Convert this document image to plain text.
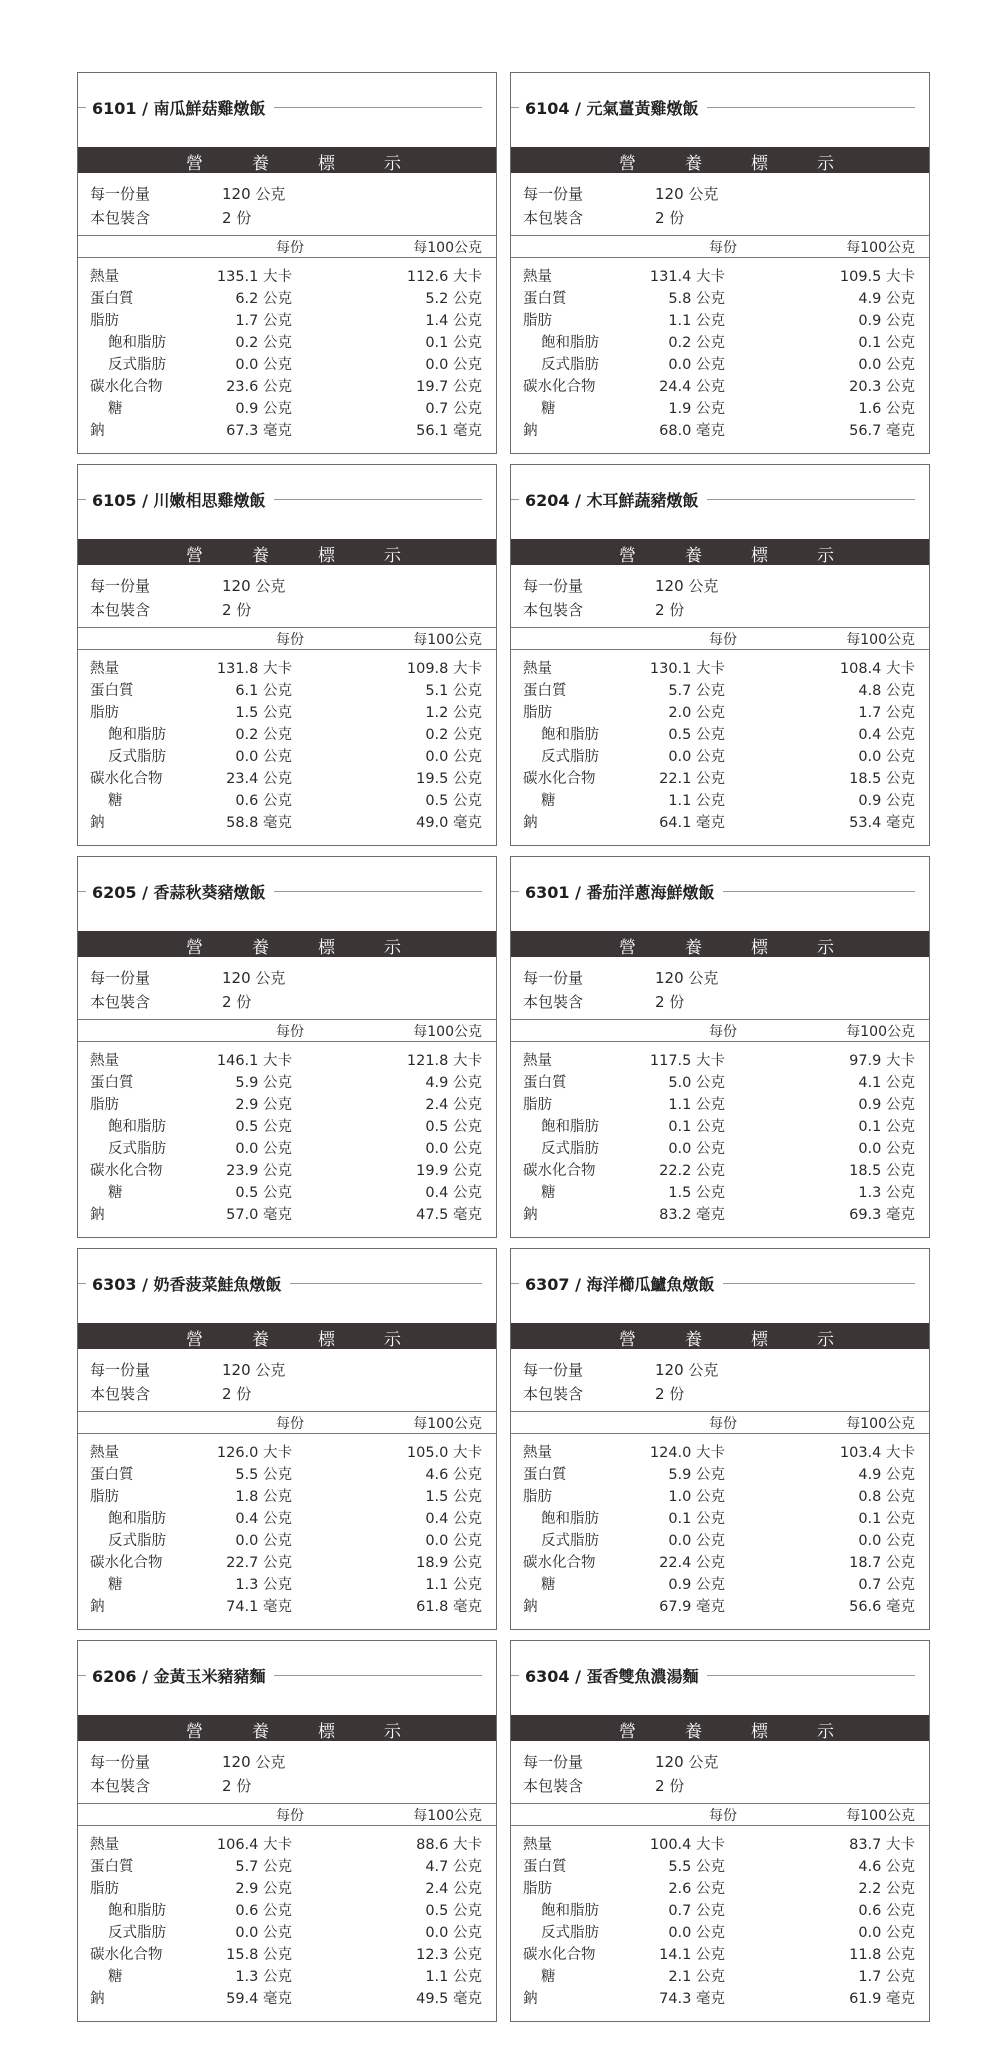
6101 / 南瓜鮮菇雞燉飯
營	養	標	示
每一份量	120 公克
本包裝含	2 份
每份	每100公克
熱量	135.1 大卡	112.6 大卡
蛋白質	6.2 公克	5.2 公克
脂肪	1.7 公克	1.4 公克
飽和脂肪	0.2 公克	0.1 公克
反式脂肪	0.0 公克	0.0 公克
碳水化合物	23.6 公克	19.7 公克
糖	0.9 公克	0.7 公克
鈉	67.3 毫克	56.1 毫克
6104 / 元氣薑黃雞燉飯
營	養	標	示
每一份量	120 公克
本包裝含	2 份
每份	每100公克
熱量	131.4 大卡	109.5 大卡
蛋白質	5.8 公克	4.9 公克
脂肪	1.1 公克	0.9 公克
飽和脂肪	0.2 公克	0.1 公克
反式脂肪	0.0 公克	0.0 公克
碳水化合物	24.4 公克	20.3 公克
糖	1.9 公克	1.6 公克
鈉	68.0 毫克	56.7 毫克
6105 / 川嫩相思雞燉飯
營	養	標	示
每一份量	120 公克
本包裝含	2 份
每份	每100公克
熱量	131.8 大卡	109.8 大卡
蛋白質	6.1 公克	5.1 公克
脂肪	1.5 公克	1.2 公克
飽和脂肪	0.2 公克	0.2 公克
反式脂肪	0.0 公克	0.0 公克
碳水化合物	23.4 公克	19.5 公克
糖	0.6 公克	0.5 公克
鈉	58.8 毫克	49.0 毫克
6204 / 木耳鮮蔬豬燉飯
營	養	標	示
每一份量	120 公克
本包裝含	2 份
每份	每100公克
熱量	130.1 大卡	108.4 大卡
蛋白質	5.7 公克	4.8 公克
脂肪	2.0 公克	1.7 公克
飽和脂肪	0.5 公克	0.4 公克
反式脂肪	0.0 公克	0.0 公克
碳水化合物	22.1 公克	18.5 公克
糖	1.1 公克	0.9 公克
鈉	64.1 毫克	53.4 毫克
6205 / 香蒜秋葵豬燉飯
營	養	標	示
每一份量	120 公克
本包裝含	2 份
每份	每100公克
熱量	146.1 大卡	121.8 大卡
蛋白質	5.9 公克	4.9 公克
脂肪	2.9 公克	2.4 公克
飽和脂肪	0.5 公克	0.5 公克
反式脂肪	0.0 公克	0.0 公克
碳水化合物	23.9 公克	19.9 公克
糖	0.5 公克	0.4 公克
鈉	57.0 毫克	47.5 毫克
6301 / 番茄洋蔥海鮮燉飯
營	養	標	示
每一份量	120 公克
本包裝含	2 份
每份	每100公克
熱量	117.5 大卡	97.9 大卡
蛋白質	5.0 公克	4.1 公克
脂肪	1.1 公克	0.9 公克
飽和脂肪	0.1 公克	0.1 公克
反式脂肪	0.0 公克	0.0 公克
碳水化合物	22.2 公克	18.5 公克
糖	1.5 公克	1.3 公克
鈉	83.2 毫克	69.3 毫克
6303 / 奶香菠菜鮭魚燉飯
營	養	標	示
每一份量	120 公克
本包裝含	2 份
每份	每100公克
熱量	126.0 大卡	105.0 大卡
蛋白質	5.5 公克	4.6 公克
脂肪	1.8 公克	1.5 公克
飽和脂肪	0.4 公克	0.4 公克
反式脂肪	0.0 公克	0.0 公克
碳水化合物	22.7 公克	18.9 公克
糖	1.3 公克	1.1 公克
鈉	74.1 毫克	61.8 毫克
6307 / 海洋櫛瓜鱸魚燉飯
營	養	標	示
每一份量	120 公克
本包裝含	2 份
每份	每100公克
熱量	124.0 大卡	103.4 大卡
蛋白質	5.9 公克	4.9 公克
脂肪	1.0 公克	0.8 公克
飽和脂肪	0.1 公克	0.1 公克
反式脂肪	0.0 公克	0.0 公克
碳水化合物	22.4 公克	18.7 公克
糖	0.9 公克	0.7 公克
鈉	67.9 毫克	56.6 毫克
6206 / 金黃玉米豬豬麵
營	養	標	示
每一份量	120 公克
本包裝含	2 份
每份	每100公克
熱量	106.4 大卡	88.6 大卡
蛋白質	5.7 公克	4.7 公克
脂肪	2.9 公克	2.4 公克
飽和脂肪	0.6 公克	0.5 公克
反式脂肪	0.0 公克	0.0 公克
碳水化合物	15.8 公克	12.3 公克
糖	1.3 公克	1.1 公克
鈉	59.4 毫克	49.5 毫克
6304 / 蛋香雙魚濃湯麵
營	養	標	示
每一份量	120 公克
本包裝含	2 份
每份	每100公克
熱量	100.4 大卡	83.7 大卡
蛋白質	5.5 公克	4.6 公克
脂肪	2.6 公克	2.2 公克
飽和脂肪	0.7 公克	0.6 公克
反式脂肪	0.0 公克	0.0 公克
碳水化合物	14.1 公克	11.8 公克
糖	2.1 公克	1.7 公克
鈉	74.3 毫克	61.9 毫克
